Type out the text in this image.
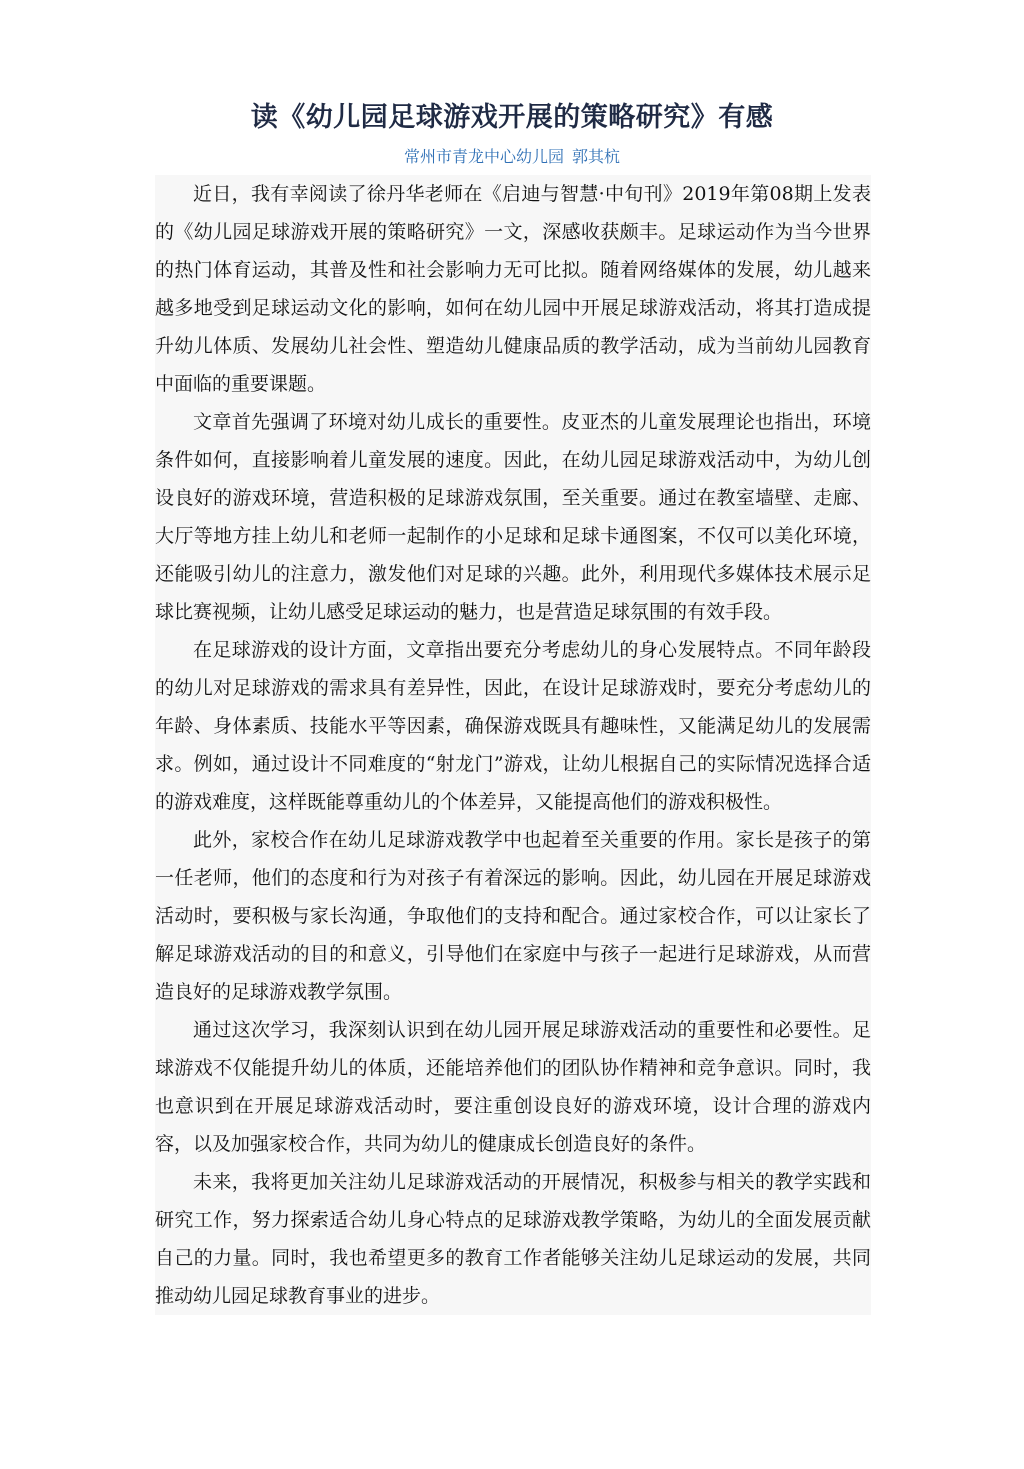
读《幼儿园足球游戏开展的策略研究》有感
常州市青龙中心幼儿园 郭其杭

近日，我有幸阅读了徐丹华老师在《启迪与智慧·中旬刊》2019年第08期上发表的《幼儿园足球游戏开展的策略研究》一文，深感收获颇丰。足球运动作为当今世界的热门体育运动，其普及性和社会影响力无可比拟。随着网络媒体的发展，幼儿越来越多地受到足球运动文化的影响，如何在幼儿园中开展足球游戏活动，将其打造成提升幼儿体质、发展幼儿社会性、塑造幼儿健康品质的教学活动，成为当前幼儿园教育中面临的重要课题。

文章首先强调了环境对幼儿成长的重要性。皮亚杰的儿童发展理论也指出，环境条件如何，直接影响着儿童发展的速度。因此，在幼儿园足球游戏活动中，为幼儿创设良好的游戏环境，营造积极的足球游戏氛围，至关重要。通过在教室墙壁、走廊、大厅等地方挂上幼儿和老师一起制作的小足球和足球卡通图案，不仅可以美化环境，还能吸引幼儿的注意力，激发他们对足球的兴趣。此外，利用现代多媒体技术展示足球比赛视频，让幼儿感受足球运动的魅力，也是营造足球氛围的有效手段。

在足球游戏的设计方面，文章指出要充分考虑幼儿的身心发展特点。不同年龄段的幼儿对足球游戏的需求具有差异性，因此，在设计足球游戏时，要充分考虑幼儿的年龄、身体素质、技能水平等因素，确保游戏既具有趣味性，又能满足幼儿的发展需求。例如，通过设计不同难度的“射龙门”游戏，让幼儿根据自己的实际情况选择合适的游戏难度，这样既能尊重幼儿的个体差异，又能提高他们的游戏积极性。

此外，家校合作在幼儿足球游戏教学中也起着至关重要的作用。家长是孩子的第一任老师，他们的态度和行为对孩子有着深远的影响。因此，幼儿园在开展足球游戏活动时，要积极与家长沟通，争取他们的支持和配合。通过家校合作，可以让家长了解足球游戏活动的目的和意义，引导他们在家庭中与孩子一起进行足球游戏，从而营造良好的足球游戏教学氛围。

通过这次学习，我深刻认识到在幼儿园开展足球游戏活动的重要性和必要性。足球游戏不仅能提升幼儿的体质，还能培养他们的团队协作精神和竞争意识。同时，我也意识到在开展足球游戏活动时，要注重创设良好的游戏环境，设计合理的游戏内容，以及加强家校合作，共同为幼儿的健康成长创造良好的条件。

未来，我将更加关注幼儿足球游戏活动的开展情况，积极参与相关的教学实践和研究工作，努力探索适合幼儿身心特点的足球游戏教学策略，为幼儿的全面发展贡献自己的力量。同时，我也希望更多的教育工作者能够关注幼儿足球运动的发展，共同推动幼儿园足球教育事业的进步。
